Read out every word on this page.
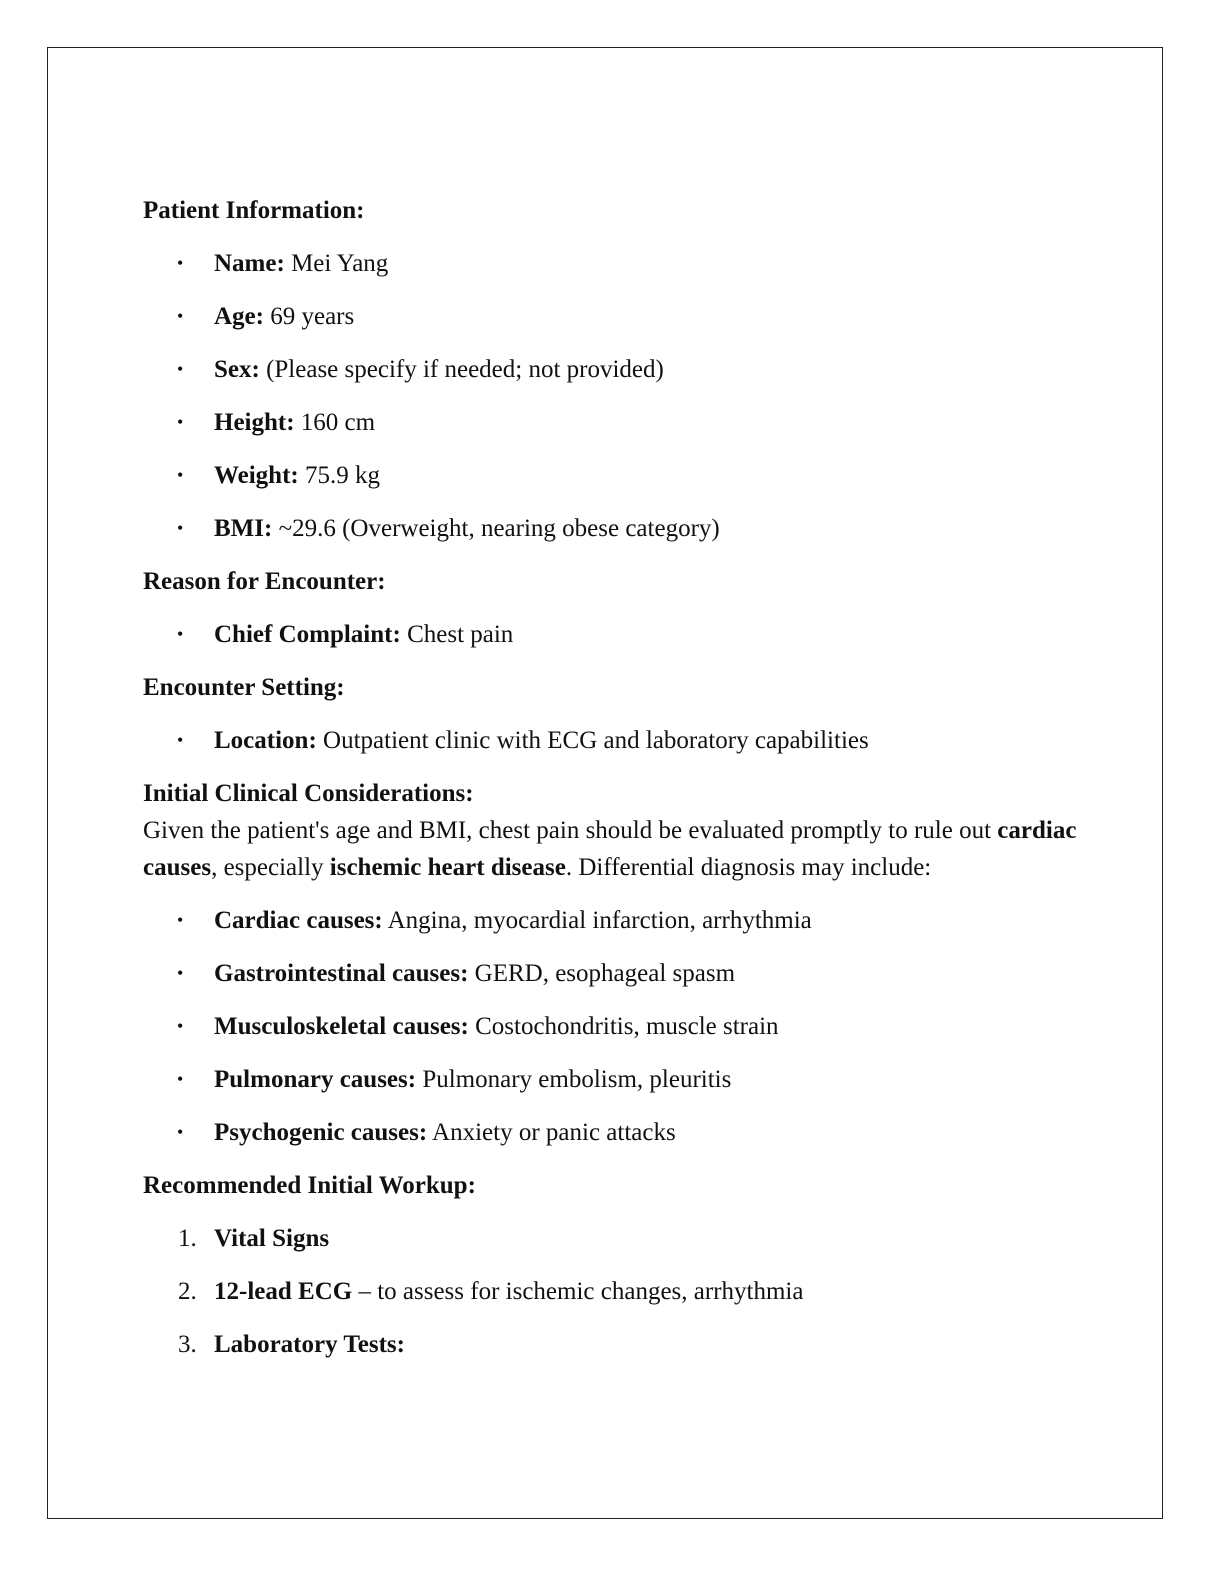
Patient Information:
• Name: Mei Yang
• Age: 69 years
• Sex: (Please specify if needed; not provided)
• Height: 160 cm
• Weight: 75.9 kg
• BMI: ~29.6 (Overweight, nearing obese category)
Reason for Encounter:
• Chief Complaint: Chest pain
Encounter Setting:
• Location: Outpatient clinic with ECG and laboratory capabilities
Initial Clinical Considerations:

Given the patient's age and BMI, chest pain should be evaluated promptly to rule out cardiac causes, especially ischemic heart disease. Differential diagnosis may include:

• Cardiac causes: Angina, myocardial infarction, arrhythmia
• Gastrointestinal causes: GERD, esophageal spasm
• Musculoskeletal causes: Costochondritis, muscle strain
• Pulmonary causes: Pulmonary embolism, pleuritis
• Psychogenic causes: Anxiety or panic attacks
Recommended Initial Workup:
1. Vital Signs
2. 12-lead ECG – to assess for ischemic changes, arrhythmia
3. Laboratory Tests:
